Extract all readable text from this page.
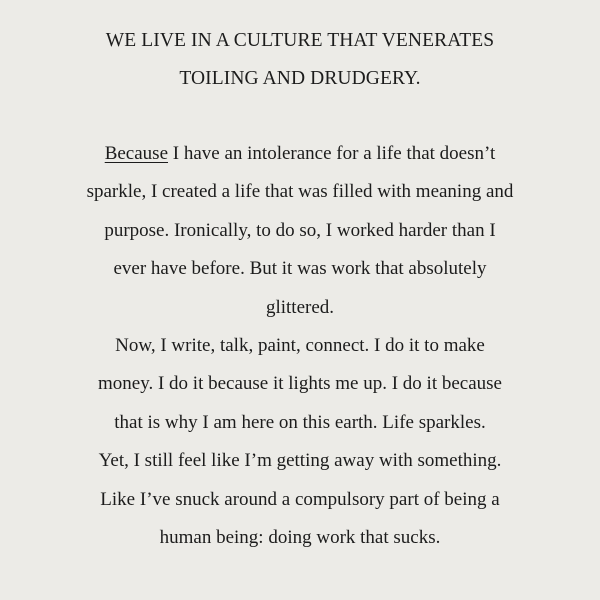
WE LIVE IN A CULTURE THAT VENERATES
TOILING AND DRUDGERY.
Because I have an intolerance for a life that doesn’t
sparkle, I created a life that was filled with meaning and
purpose. Ironically, to do so, I worked harder than I
ever have before. But it was work that absolutely
glittered.
Now, I write, talk, paint, connect. I do it to make
money. I do it because it lights me up. I do it because
that is why I am here on this earth. Life sparkles.
Yet, I still feel like I’m getting away with something.
Like I’ve snuck around a compulsory part of being a
human being: doing work that sucks.
